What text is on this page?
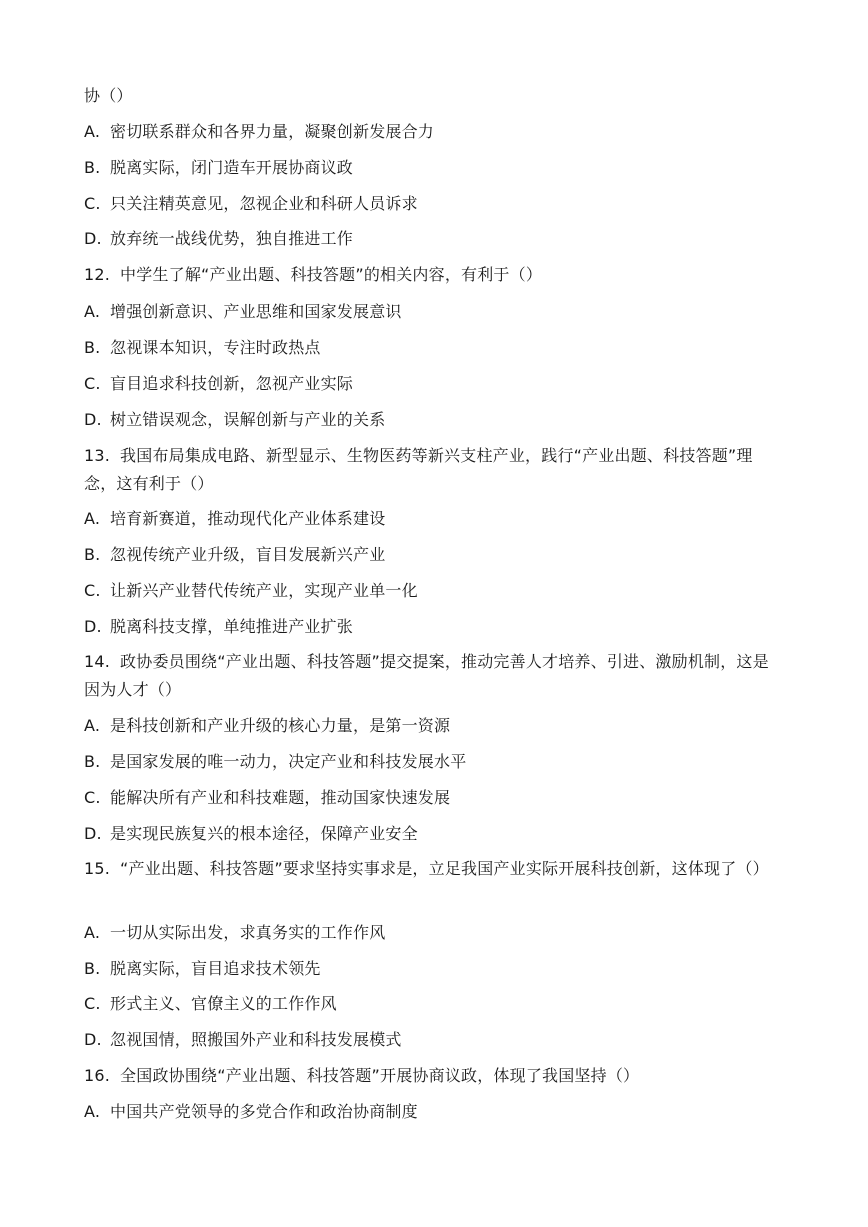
协（）
A. 密切联系群众和各界力量，凝聚创新发展合力
B. 脱离实际，闭门造车开展协商议政
C. 只关注精英意见，忽视企业和科研人员诉求
D. 放弃统一战线优势，独自推进工作
12. 中学生了解“产业出题、科技答题”的相关内容，有利于（）
A. 增强创新意识、产业思维和国家发展意识
B. 忽视课本知识，专注时政热点
C. 盲目追求科技创新，忽视产业实际
D. 树立错误观念，误解创新与产业的关系
13. 我国布局集成电路、新型显示、生物医药等新兴支柱产业，践行“产业出题、科技答题”理念，这有利于（）
A. 培育新赛道，推动现代化产业体系建设
B. 忽视传统产业升级，盲目发展新兴产业
C. 让新兴产业替代传统产业，实现产业单一化
D. 脱离科技支撑，单纯推进产业扩张
14. 政协委员围绕“产业出题、科技答题”提交提案，推动完善人才培养、引进、激励机制，这是因为人才（）
A. 是科技创新和产业升级的核心力量，是第一资源
B. 是国家发展的唯一动力，决定产业和科技发展水平
C. 能解决所有产业和科技难题，推动国家快速发展
D. 是实现民族复兴的根本途径，保障产业安全
15. “产业出题、科技答题”要求坚持实事求是，立足我国产业实际开展科技创新，这体现了（）
A. 一切从实际出发，求真务实的工作作风
B. 脱离实际，盲目追求技术领先
C. 形式主义、官僚主义的工作作风
D. 忽视国情，照搬国外产业和科技发展模式
16. 全国政协围绕“产业出题、科技答题”开展协商议政，体现了我国坚持（）
A. 中国共产党领导的多党合作和政治协商制度
